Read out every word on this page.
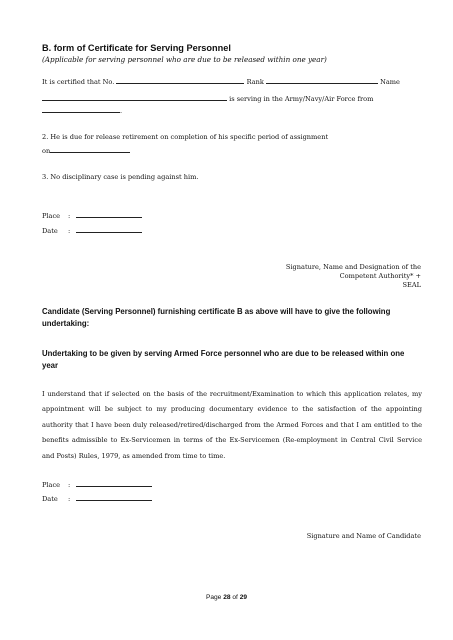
B. form of Certificate for Serving Personnel
(Applicable for serving personnel who are due to be released within one year)
It is certified that No.	Rank	Name
is serving in the Army/Navy/Air Force from
.
2. He is due for release retirement on completion of his specific period of assignment
on
3. No disciplinary case is pending against him.
Place :
Date :
Signature, Name and Designation of the
Competent Authority* +
SEAL
Candidate (Serving Personnel) furnishing certificate B as above will have to give the following undertaking:
Undertaking to be given by serving Armed Force personnel who are due to be released within one year
I understand that if selected on the basis of the recruitment/Examination to which this application relates, my appointment will be subject to my producing documentary evidence to the satisfaction of the appointing authority that I have been duly released/retired/discharged from the Armed Forces and that I am entitled to the benefits admissible to Ex-Servicemen in terms of the Ex-Servicemen (Re-employment in Central Civil Service and Posts) Rules, 1979, as amended from time to time.
Place :
Date :
Signature and Name of Candidate
Page 28 of 29
